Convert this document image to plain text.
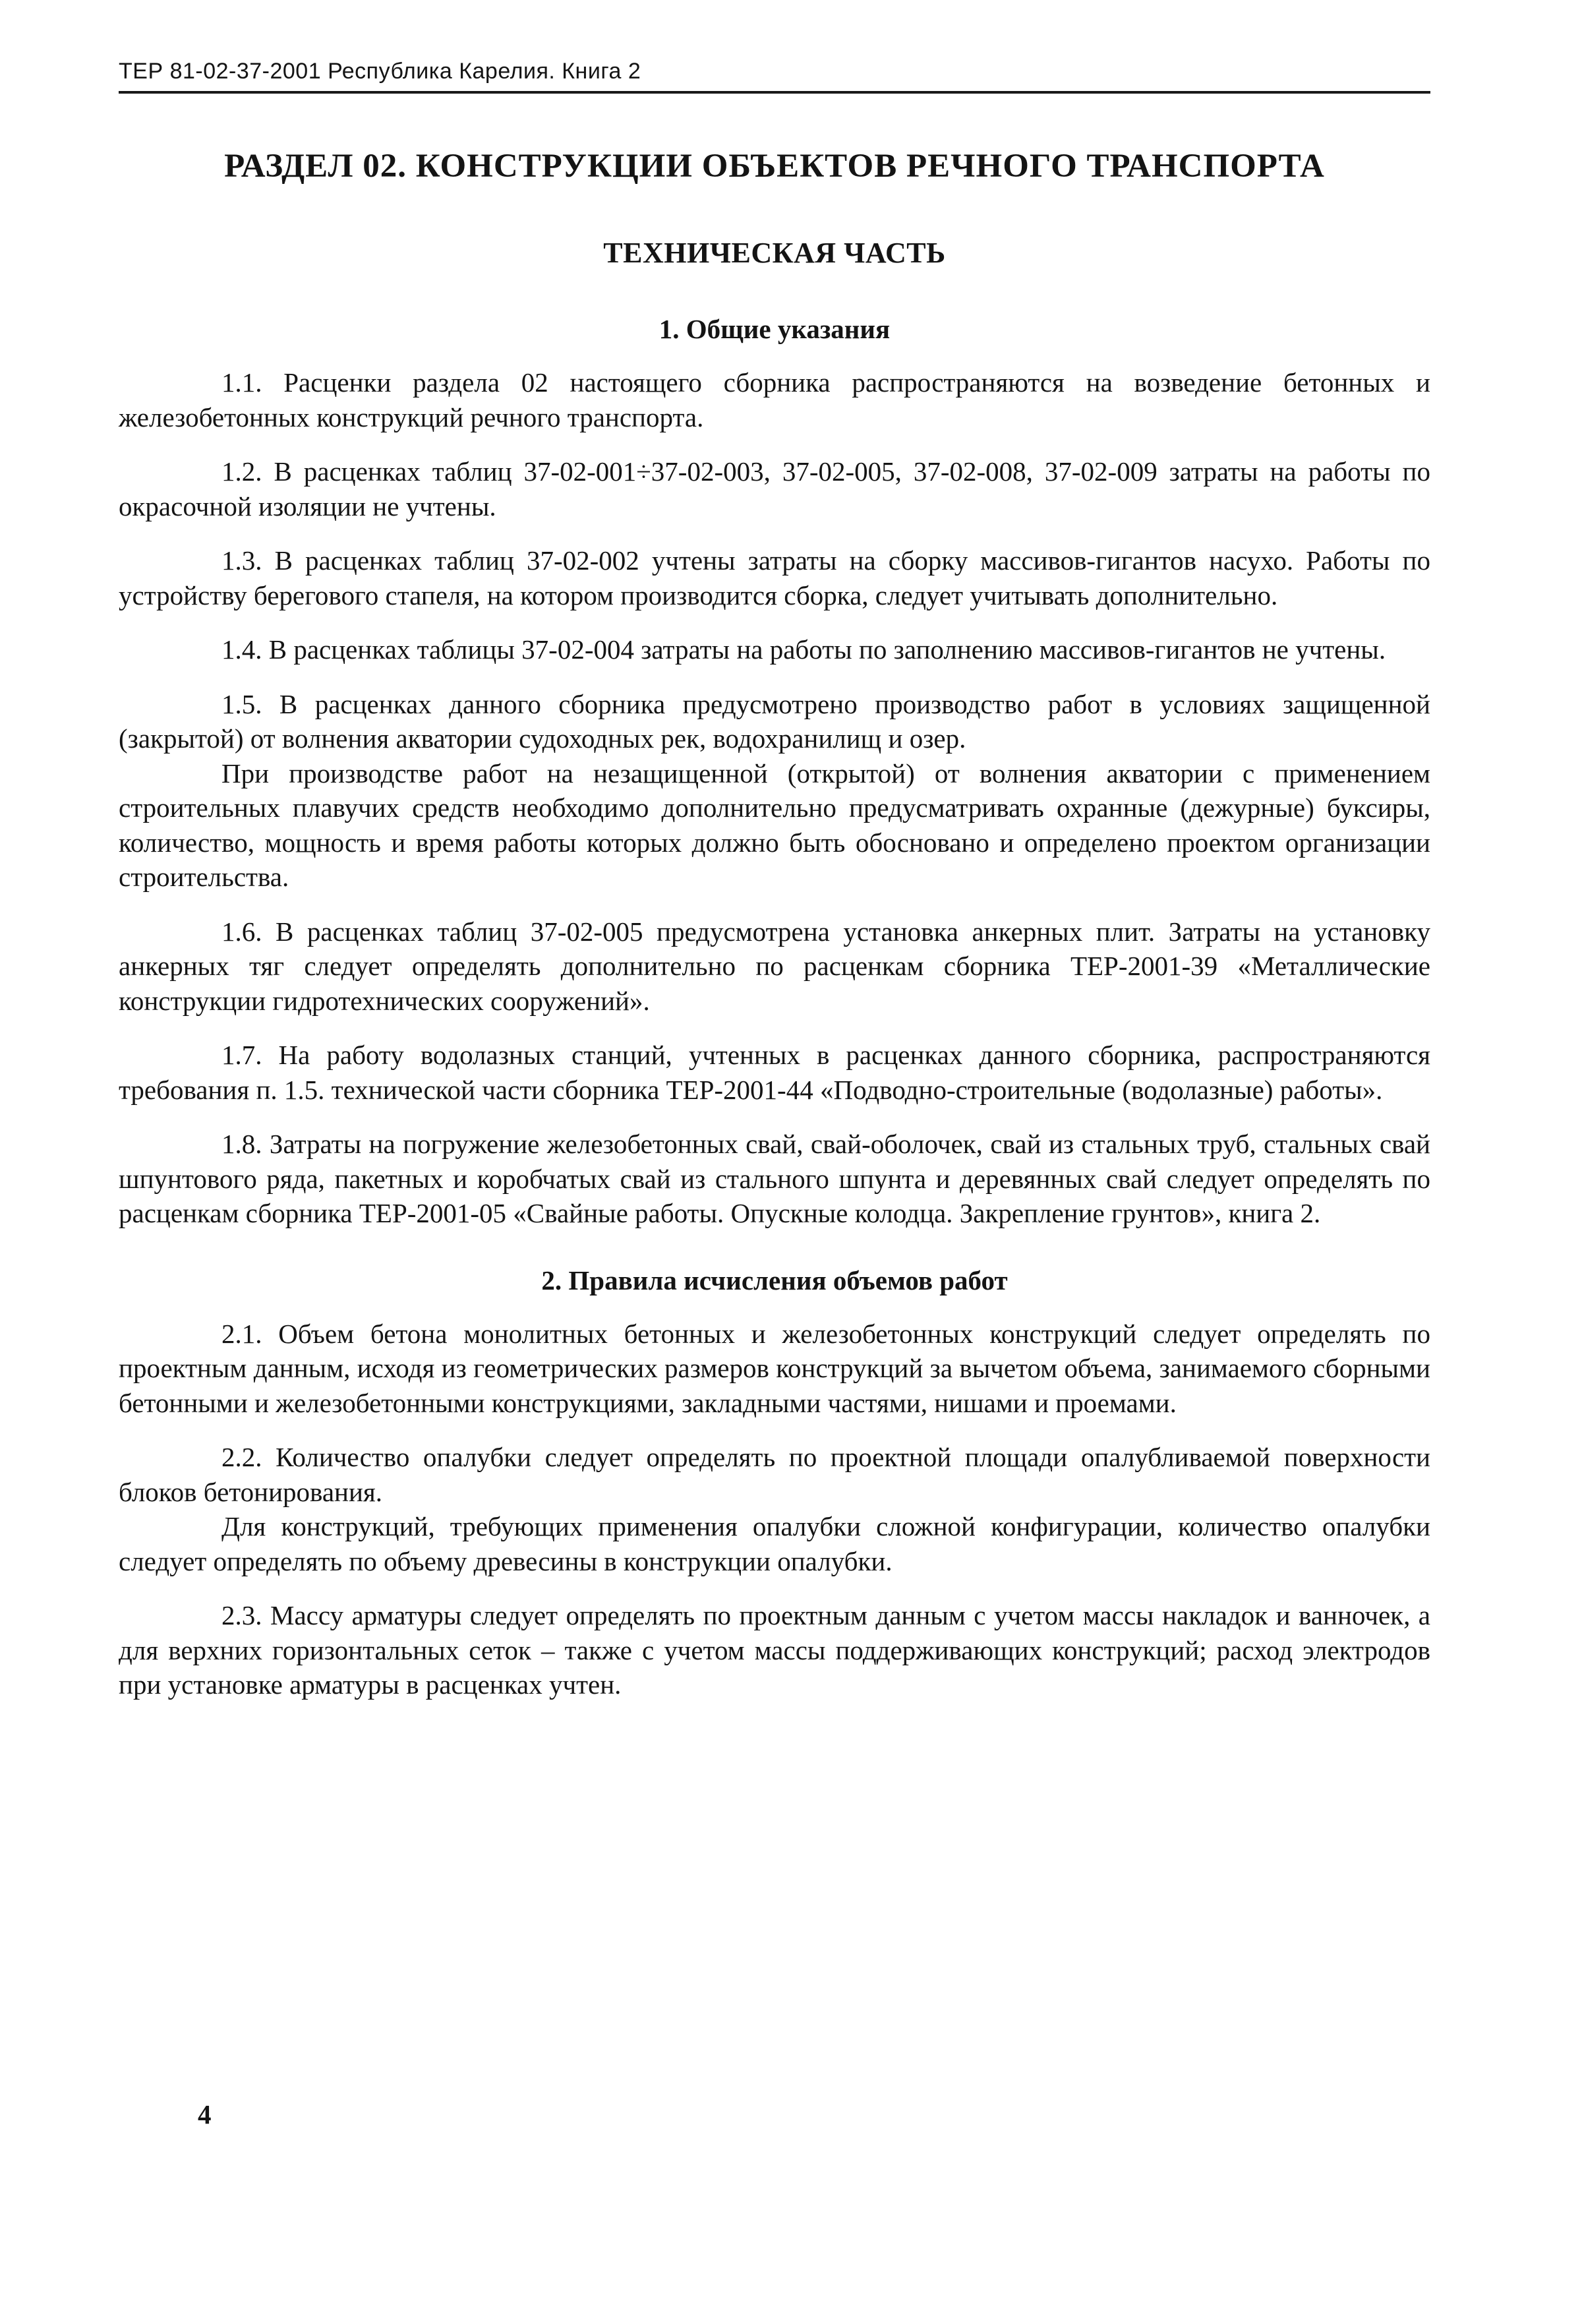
ТЕР 81-02-37-2001 Республика Карелия. Книга 2
РАЗДЕЛ 02. КОНСТРУКЦИИ ОБЪЕКТОВ РЕЧНОГО ТРАНСПОРТА
ТЕХНИЧЕСКАЯ ЧАСТЬ
1. Общие указания

1.1. Расценки раздела 02 настоящего сборника распространяются на возведение бетонных и железобетонных конструкций речного транспорта.

1.2. В расценках таблиц 37-02-001÷37-02-003, 37-02-005, 37-02-008, 37-02-009 затраты на работы по окрасочной изоляции не учтены.

1.3. В расценках таблиц 37-02-002 учтены затраты на сборку массивов-гигантов насухо. Работы по устройству берегового стапеля, на котором производится сборка, следует учитывать дополнительно.

1.4. В расценках таблицы 37-02-004 затраты на работы по заполнению массивов-гигантов не учтены.

1.5. В расценках данного сборника предусмотрено производство работ в условиях защищенной (закрытой) от волнения акватории судоходных рек, водохранилищ и озер.

При производстве работ на незащищенной (открытой) от волнения акватории с применением строительных плавучих средств необходимо дополнительно предусматривать охранные (дежурные) буксиры, количество, мощность и время работы которых должно быть обосновано и определено проектом организации строительства.

1.6. В расценках таблиц 37-02-005 предусмотрена установка анкерных плит. Затраты на установку анкерных тяг следует определять дополнительно по расценкам сборника ТЕР-2001-39 «Металлические конструкции гидротехнических сооружений».

1.7. На работу водолазных станций, учтенных в расценках данного сборника, распространяются требования п. 1.5. технической части сборника ТЕР-2001-44 «Подводно-строительные (водолазные) работы».

1.8. Затраты на погружение железобетонных свай, свай-оболочек, свай из стальных труб, стальных свай шпунтового ряда, пакетных и коробчатых свай из стального шпунта и деревянных свай следует определять по расценкам сборника ТЕР-2001-05 «Свайные работы. Опускные колодца. Закрепление грунтов», книга 2.

2. Правила исчисления объемов работ

2.1. Объем бетона монолитных бетонных и железобетонных конструкций следует определять по проектным данным, исходя из геометрических размеров конструкций за вычетом объема, занимаемого сборными бетонными и железобетонными конструкциями, закладными частями, нишами и проемами.

2.2. Количество опалубки следует определять по проектной площади опалубливаемой поверхности блоков бетонирования.

Для конструкций, требующих применения опалубки сложной конфигурации, количество опалубки следует определять по объему древесины в конструкции опалубки.

2.3. Массу арматуры следует определять по проектным данным с учетом массы накладок и ванночек, а для верхних горизонтальных сеток – также с учетом массы поддерживающих конструкций; расход электродов при установке арматуры в расценках учтен.

4
